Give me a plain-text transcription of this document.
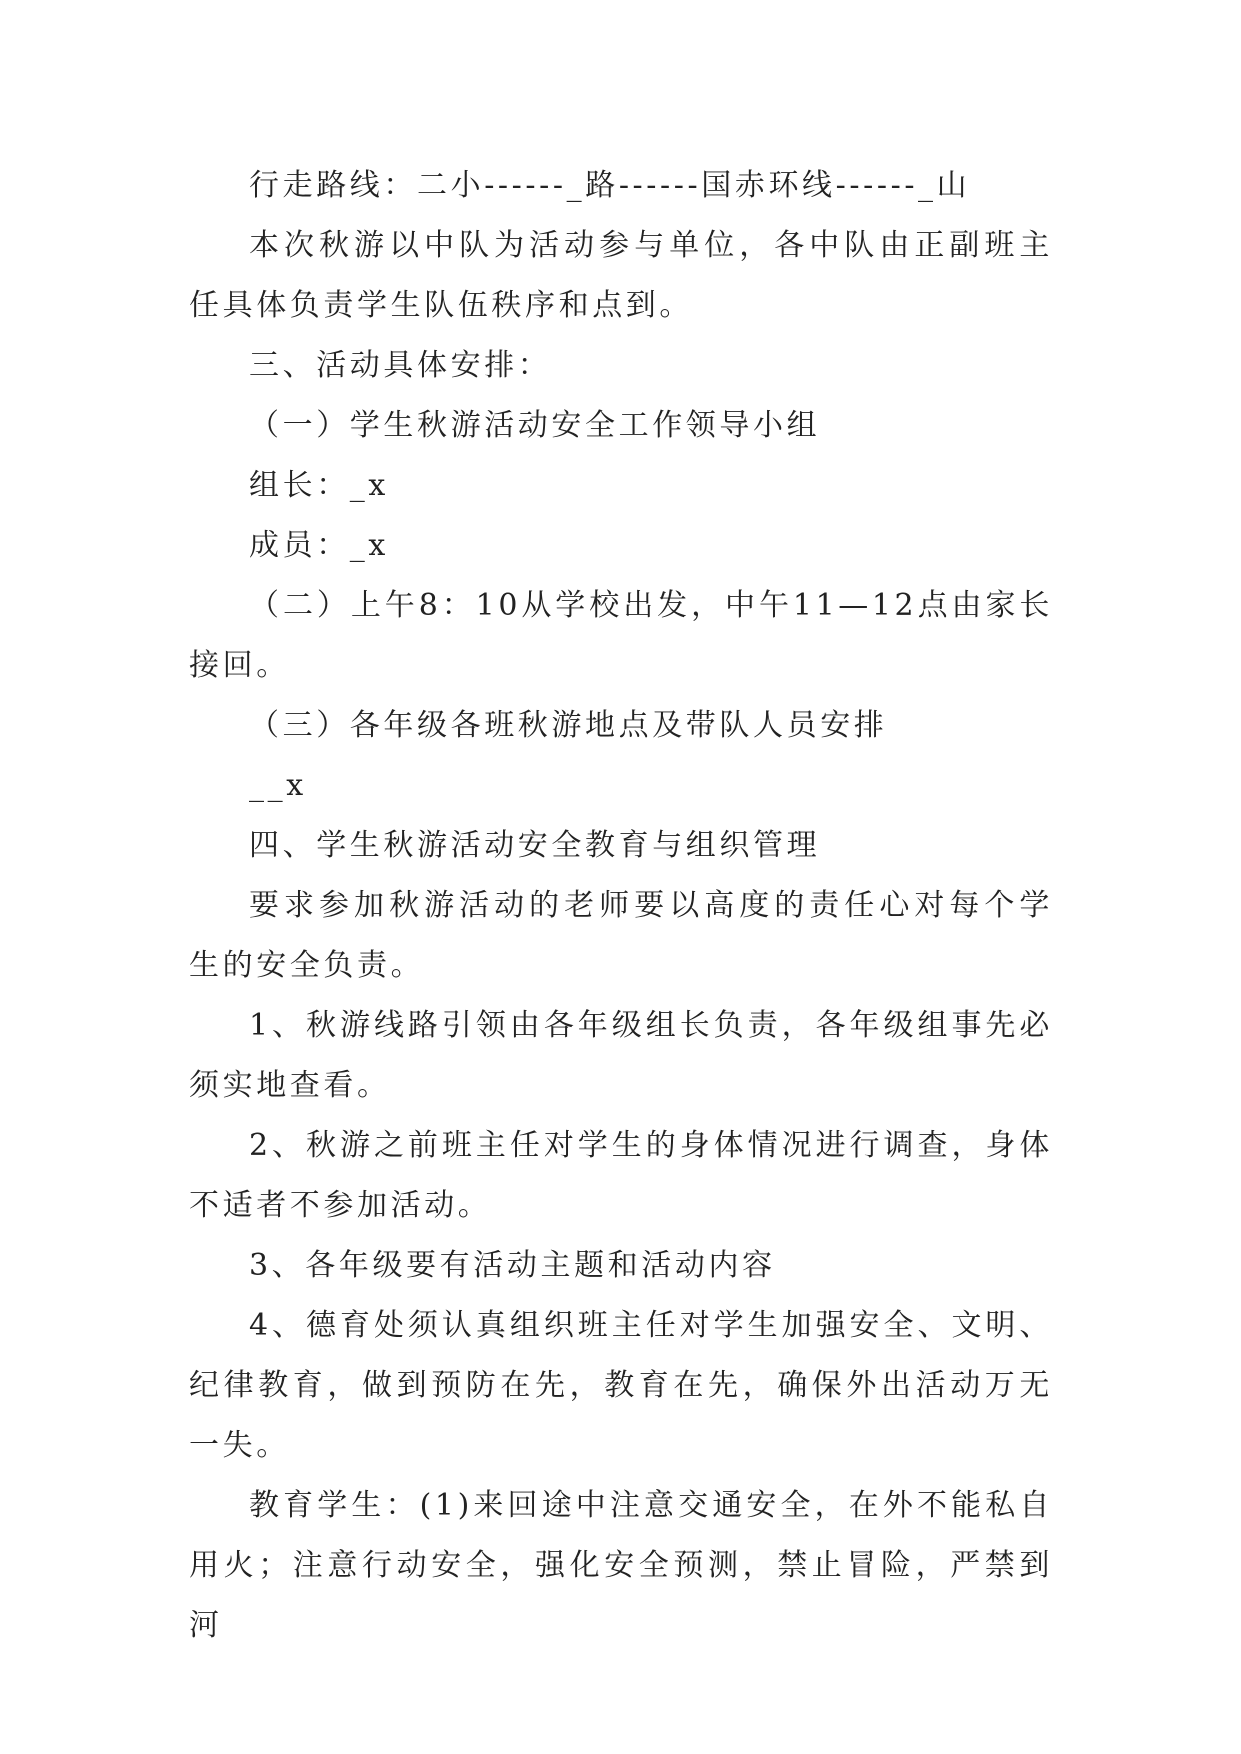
行走路线：二小------_路------国赤环线------_山

本次秋游以中队为活动参与单位，各中队由正副班主任具体负责学生队伍秩序和点到。

三、活动具体安排：

（一）学生秋游活动安全工作领导小组

组长：_x

成员：_x

（二）上午8：10从学校出发，中午11—12点由家长接回。

（三）各年级各班秋游地点及带队人员安排

__x

四、学生秋游活动安全教育与组织管理

要求参加秋游活动的老师要以高度的责任心对每个学生的安全负责。

1、秋游线路引领由各年级组长负责，各年级组事先必须实地查看。

2、秋游之前班主任对学生的身体情况进行调查，身体不适者不参加活动。

3、各年级要有活动主题和活动内容

4、德育处须认真组织班主任对学生加强安全、文明、纪律教育，做到预防在先，教育在先，确保外出活动万无一失。

教育学生：(1)来回途中注意交通安全，在外不能私自用火；注意行动安全，强化安全预测，禁止冒险，严禁到河
